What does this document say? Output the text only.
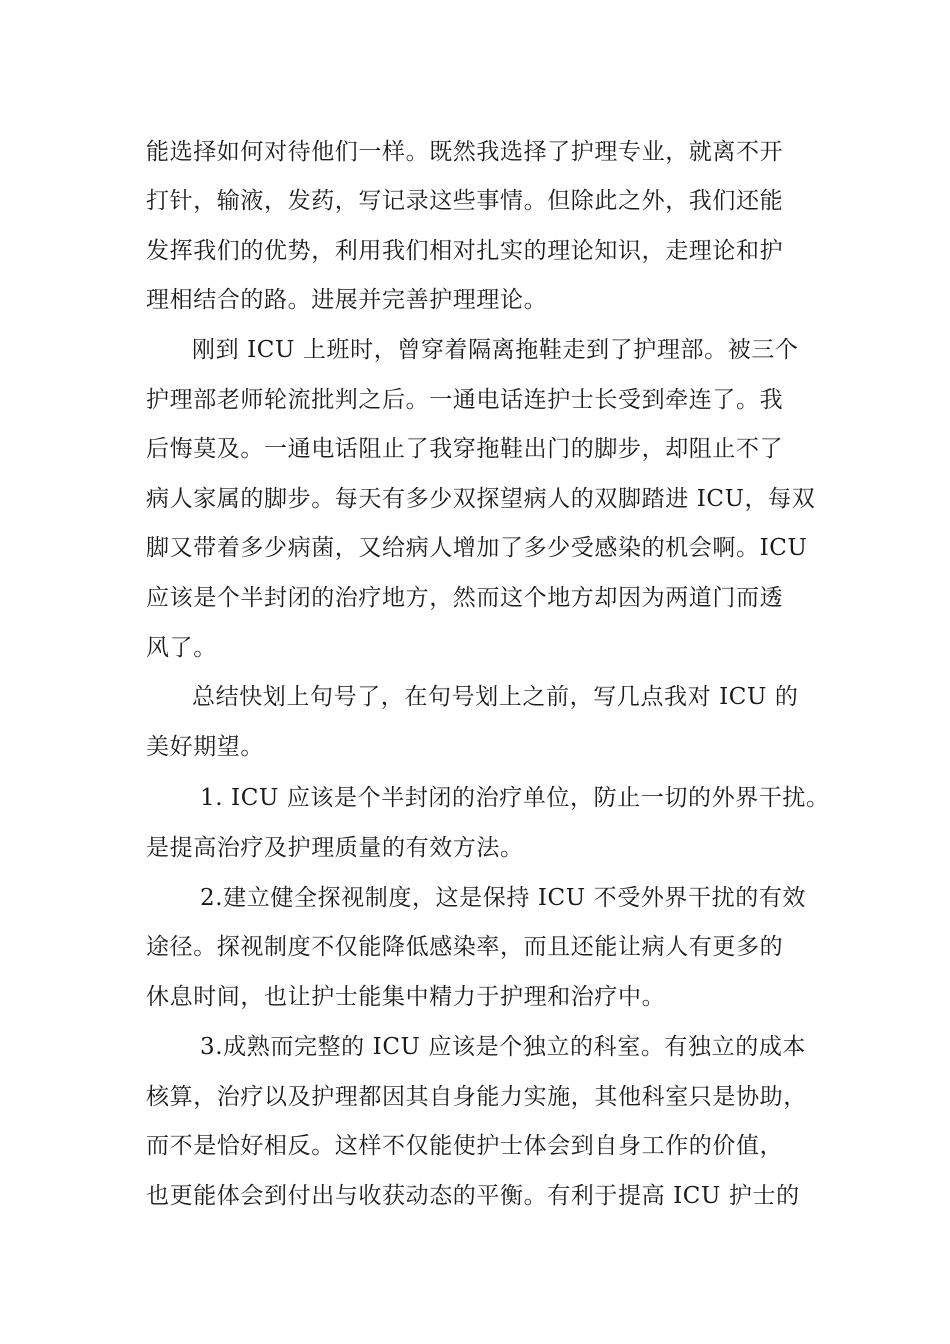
能选择如何对待他们一样。既然我选择了护理专业，就离不开
打针，输液，发药，写记录这些事情。但除此之外，我们还能
发挥我们的优势，利用我们相对扎实的理论知识，走理论和护
理相结合的路。进展并完善护理理论。
刚到 ICU 上班时，曾穿着隔离拖鞋走到了护理部。被三个
护理部老师轮流批判之后。一通电话连护士长受到牵连了。我
后悔莫及。一通电话阻止了我穿拖鞋出门的脚步，却阻止不了
病人家属的脚步。每天有多少双探望病人的双脚踏进 ICU，每双
脚又带着多少病菌，又给病人增加了多少受感染的机会啊。ICU
应该是个半封闭的治疗地方，然而这个地方却因为两道门而透
风了。
总结快划上句号了，在句号划上之前，写几点我对 ICU 的
美好期望。
1. ICU 应该是个半封闭的治疗单位，防止一切的外界干扰。
是提高治疗及护理质量的有效方法。
2.建立健全探视制度，这是保持 ICU 不受外界干扰的有效
途径。探视制度不仅能降低感染率，而且还能让病人有更多的
休息时间，也让护士能集中精力于护理和治疗中。
3.成熟而完整的 ICU 应该是个独立的科室。有独立的成本
核算，治疗以及护理都因其自身能力实施，其他科室只是协助，
而不是恰好相反。这样不仅能使护士体会到自身工作的价值，
也更能体会到付出与收获动态的平衡。有利于提高 ICU 护士的
